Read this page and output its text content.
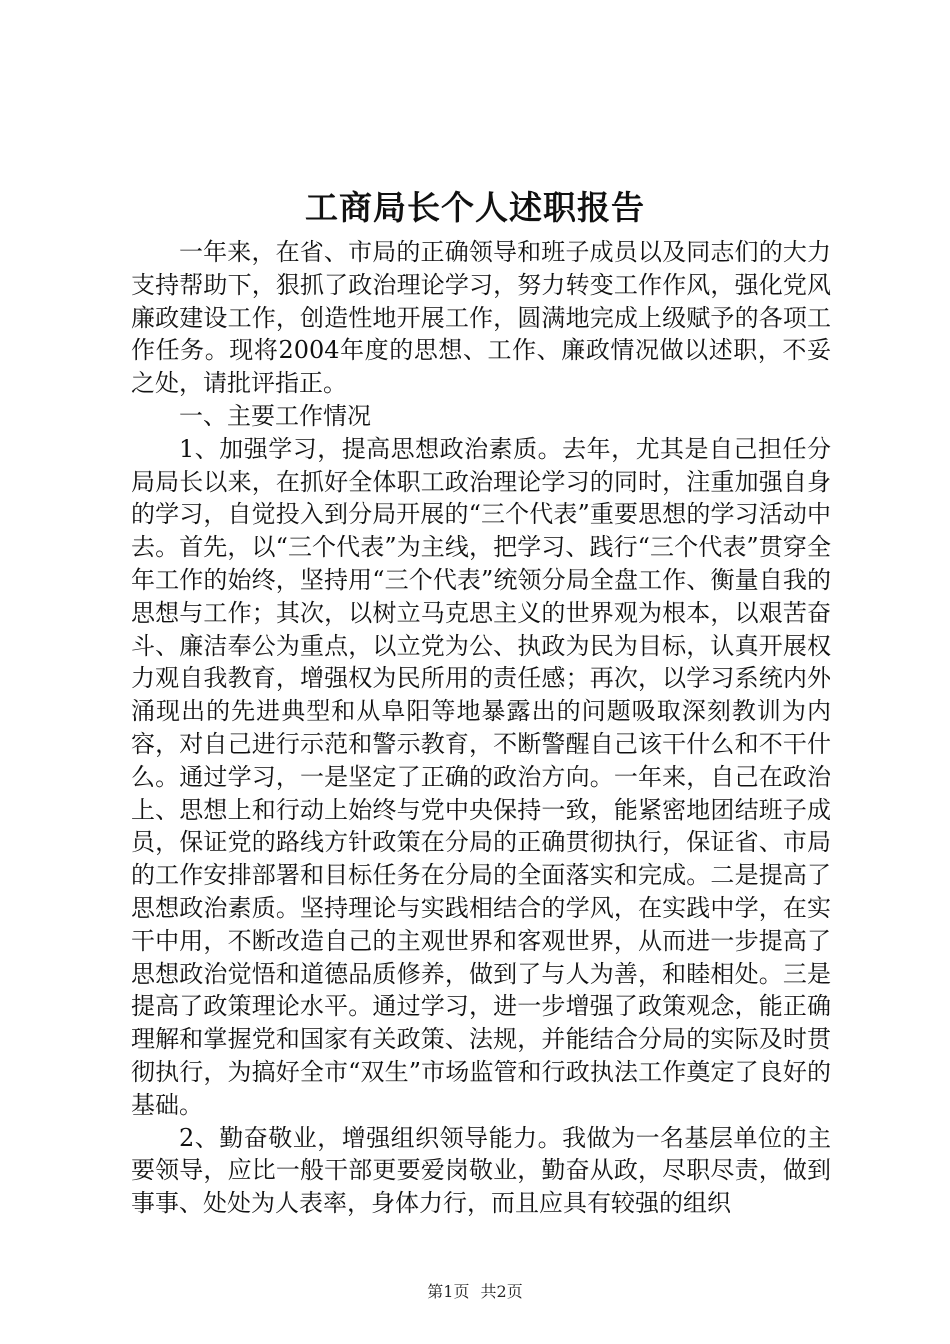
工商局长个人述职报告

一年来，在省、市局的正确领导和班子成员以及同志们的大力支持帮助下，狠抓了政治理论学习，努力转变工作作风，强化党风廉政建设工作，创造性地开展工作，圆满地完成上级赋予的各项工作任务。现将2004年度的思想、工作、廉政情况做以述职，不妥之处，请批评指正。

一、主要工作情况

1、加强学习，提高思想政治素质。去年，尤其是自己担任分局局长以来，在抓好全体职工政治理论学习的同时，注重加强自身的学习，自觉投入到分局开展的“三个代表”重要思想的学习活动中去。首先，以“三个代表”为主线，把学习、践行“三个代表”贯穿全年工作的始终，坚持用“三个代表”统领分局全盘工作、衡量自我的思想与工作；其次，以树立马克思主义的世界观为根本，以艰苦奋斗、廉洁奉公为重点，以立党为公、执政为民为目标，认真开展权力观自我教育，增强权为民所用的责任感；再次，以学习系统内外涌现出的先进典型和从阜阳等地暴露出的问题吸取深刻教训为内容，对自己进行示范和警示教育，不断警醒自己该干什么和不干什么。通过学习，一是坚定了正确的政治方向。一年来，自己在政治上、思想上和行动上始终与党中央保持一致，能紧密地团结班子成员，保证党的路线方针政策在分局的正确贯彻执行，保证省、市局的工作安排部署和目标任务在分局的全面落实和完成。二是提高了思想政治素质。坚持理论与实践相结合的学风，在实践中学，在实干中用，不断改造自己的主观世界和客观世界，从而进一步提高了思想政治觉悟和道德品质修养，做到了与人为善，和睦相处。三是提高了政策理论水平。通过学习，进一步增强了政策观念，能正确理解和掌握党和国家有关政策、法规，并能结合分局的实际及时贯彻执行，为搞好全市“双生”市场监管和行政执法工作奠定了良好的基础。

2、勤奋敬业，增强组织领导能力。我做为一名基层单位的主要领导，应比一般干部更要爱岗敬业，勤奋从政，尽职尽责，做到事事、处处为人表率，身体力行，而且应具有较强的组织

第1页 共2页
